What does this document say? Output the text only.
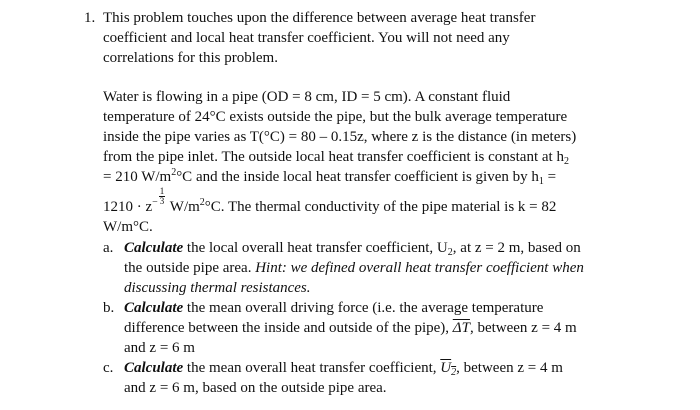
1. This problem touches upon the difference between average heat transfer
coefficient and local heat transfer coefficient. You will not need any
correlations for this problem.
Water is flowing in a pipe (OD = 8 cm, ID = 5 cm). A constant fluid
temperature of 24°C exists outside the pipe, but the bulk average temperature
inside the pipe varies as T(°C) = 80 – 0.15z, where z is the distance (in meters)
from the pipe inlet. The outside local heat transfer coefficient is constant at $h_2$
= 210 $W/m^2^\circ C$ and the inside local heat transfer coefficient is given by $h_1$ =
$1210 \cdot z^- \frac{1}{3}$
$W/m^2^\circ C$. The thermal conductivity of the pipe material is k = 82
W/m°C.
a. Calculate the local overall heat transfer coefficient, $U_2$, at z = 2 m, based on
the outside pipe area. Hint: we defined overall heat transfer coefficient when
discussing thermal resistances.
b. Calculate the mean overall driving force (i.e. the average temperature
difference between the inside and outside of the pipe), $\overline{\Delta T}$, between z = 4 m
and z = 6 m
c. Calculate the mean overall heat transfer coefficient, $U_2$, between z = 4 m
and z = 6 m, based on the outside pipe area.
